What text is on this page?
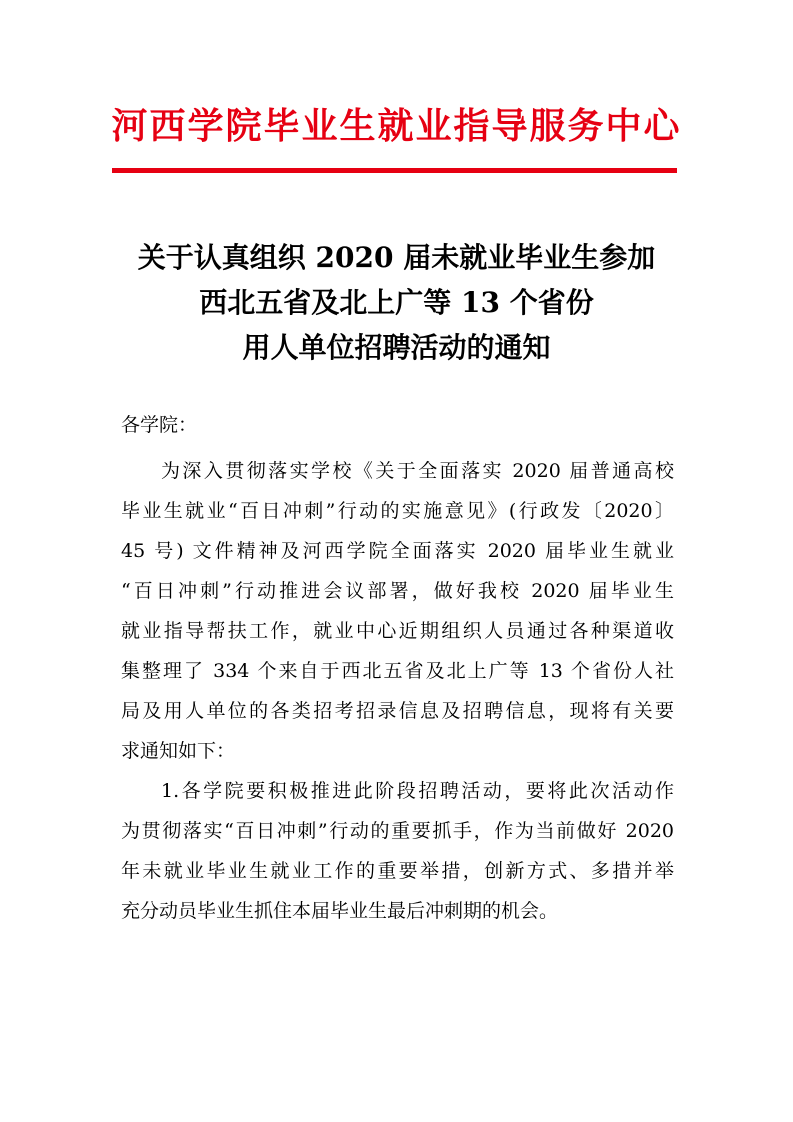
河西学院毕业生就业指导服务中心
关于认真组织 2020 届未就业毕业生参加
西北五省及北上广等 13 个省份
用人单位招聘活动的通知
各学院：
为深入贯彻落实学校《关于全面落实 2020 届普通高校
毕业生就业“百日冲刺”行动的实施意见》(行政发〔2020〕
45 号) 文件精神及河西学院全面落实 2020 届毕业生就业
“百日冲刺”行动推进会议部署，做好我校 2020 届毕业生
就业指导帮扶工作，就业中心近期组织人员通过各种渠道收
集整理了 334 个来自于西北五省及北上广等 13 个省份人社
局及用人单位的各类招考招录信息及招聘信息，现将有关要
求通知如下：
1.各学院要积极推进此阶段招聘活动，要将此次活动作
为贯彻落实“百日冲刺”行动的重要抓手，作为当前做好 2020
年未就业毕业生就业工作的重要举措，创新方式、多措并举
充分动员毕业生抓住本届毕业生最后冲刺期的机会。
